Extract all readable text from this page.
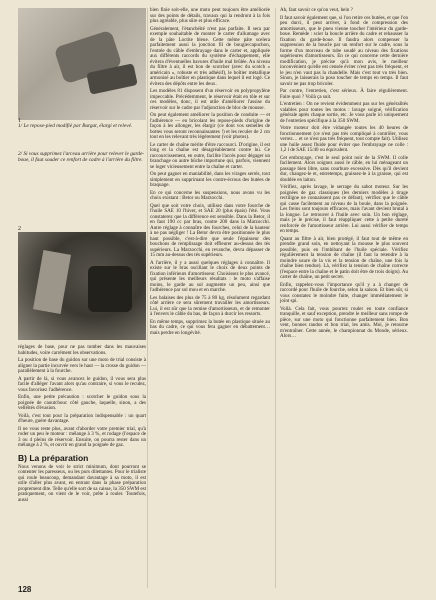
1
1/ Le repose-pied modifié par Burgat, élargi et relevé.
2/ Si vous supprimez l'arceau arrière pour relever le garde-boue, il faut souder ce renfort de cadre à l'arrière du filtre.
2

réglages de base, pour ne pas tomber dans les mauvaises habitudes, voire carrément les observations.

La position de base du guidon sur une moto de trial consiste à aligner la partie incurvée vers le haut — la crosse du guidon — parallèlement à la fourche.

A partir de là, si vous avancez le guidon, il vous sera plus facile d'alléger l'avant alors qu'au contraire, si vous le reculez, vous favorisez l'adhérence.

Enfin, une petite précaution : scotcher le guidon sous la poignée de caoutchouc côté gauche, laquelle, sinon, a des velléités d'évasion.

Voilà, c'est tout pour la préparation indispensable : un quart d'heure, guère davantage.

Il ne vous reste plus, avant d'aborder votre premier trial, qu'à roder un peu le moteur : mélange à 3 %, et rodage (l'espace de 3 ou 4 pleins de réservoir. Ensuite, on pourra rester dans un mélange à 2 %, et ouvrir en grand la poignée de gaz.

B) La préparation

Nous venons de voir le strict minimum, dont pourront se contenter les paresseux, ou les purs dilettantes. Pour le trialiste qui roule beaucoup, demandant davantage à sa moto, il est utile d'aller plus avant, en entrant dans la phase préparation proprement dite. Telle qu'elle sort de sa caisse, la 350 SWM est pratiquement, on vient de le voir, prête à rouler. Toutefois, aussi

bien finie soit-elle, une moto peut toujours être améliorée sur des points de détails, travaux qui la rendront à la fois plus agréable, plus sûre et plus efficace.

Généralement, l'étanchéité n'est pas parfaite. Il sera par exemple souhaitable de monter le carter d'allumage avec de la pâte Loctite bleue. Cette même pâte scelera parfaitement aussi la jonction fil de bougie/capuchon, l'entrée du câble d'embrayage dans le carter et, appliquée aux différents raccords du système d'échappement, elle évitera d'éventuelles bavures d'huile mal brûlée. Au niveau du filtre à air, il est bon de scotcher (avec du scotch « américain », robuste et très adhésif), le boîtier métallique armonisé au boîtier en plastique dans lequel il est logé. Ce évitera des dépôts entre les deux.

Les modèles 81 disposent d'un réservoir en polypropylène impeccable. Précédemment, le réservoir était en tôle et sur ces modèles, donc, il est utile d'améliorer l'assise du réservoir sur le cadre par l'adjonction de bloc de mousse.

On peut également améliorer la position de conduite — et l'adhérence — en bricolant les repose-pieds d'origine de façon à les allonger, les élargir (ce dont vos semelles de bottes vous seront reconnaissantes !) et les reculer de 2 cm tout en les relevant très légèrement (voir photos).

Le carter de chaîne mérite d'être raccourci. D'origine, il est long et la chaîne est désagréablement contre lui. Ce raccourcissement, en outre, facilite l'accès pour dégager un branchage ou autre bûche importune qui, parfois, viennent se loger vicieusement entre la chaîne et carter.

On peut gagner en maniabilité, dans les virages serrés, tout simplement en supprimant les contre-écrous des butées de braquage.

En ce qui concerne les suspensions, nous avons vu les choix existant : Betor ou Marzocchi.

Quel que soit votre choix, utilisez dans votre fourche de l'huile SAE 10 l'hiver, et SAE 20 (plus épais) l'été. Vous constaterez que la différence est sensible. Dans la Betor, il en faut 190 cc par bras, contre 200 dans la Marzocchi. Autre réglage à connaître des fourches, celui de la hauteur à ne pas négliger ! La Betor devra être positionnée le plus haut possible, c'est-à-dire que seule l'épaisseur des bouchons de remplissage doit effleurer au-dessus des tés supérieurs. La Marzocchi, en revanche, devra dépasser de 15 mm au-dessus des tés supérieurs.

A l'arrière, il y a aussi quelques réglages à connaître. Il existe sur le bras oscillant le choix de deux points de fixation inférieurs d'amortisseur. Choisissez le plus avancé, qui présente les meilleurs résultats : le moto s'affaise moins, le garde au sol augmente un peu, ainsi que l'adhérence par sol mou et en marche.

Les balaises des plus de 75 à 80 kg, résolument regardant côté arrière ce sera sûrement travailler les amortisseurs. Lui, il est sûr que la remise d'amortisseurs, et de remonter à l'envers le câble du bas, de façon à durcir les ressorts.

En même temps, supprimez la butée en plastique située au bas du cadre, ce qui vous fera gagner en débattement… mais perdre en longévité.

Ah, faut savoir ce qu'on veut, hein ?

Il faut savoir également que, si l'on retire ces butées, et que l'on peu durci, il peut arriver, à fond de compression des amortisseurs, que le pneu vienne toucher l'intérieur du garde-boue. Remède : scier la boucle arrière du cadre et rehausser la fixation du garde-boue. Il faudra alors compenser la suppression de la boucle par un renfort sur le cadre, sous la forme d'un morceau de tube soudé au niveau des fixations supérieures d'amortisseurs. En ce qui concerne cette dernière modification, je précise qu'à mon avis, le meilleur inconvénient qu'elle est censée éviter n'est pas très fréquent, et le jeu n'en vaut pas la chandelle. Mais c'est tout vu très bien. Sinon, je laisserais la poso toucher de temps en temps. Il faut savoir ne pas trop bricoler.

Par contre, l'entretien, c'est sérieux. À faire régulièrement. Faire quoi ? Voilà ça suit.

L'entretien : On ne revient évidemment pas sur les généralités valables pour toutes les motos : lavage soigné, vérification générale après chaque sortie, etc. Je vous parle ici uniquement de l'entretien spécifique à la 350 SWM.

Votre moteur doit être vidangée toutes les 40 heures de fonctionnement (ce n'est pas très compliqué à contrôler, vous verrez… et ce n'est pas très fréquent, tout compte fait). Utilisez une huile assez fluide pour éviter que l'embrayage ne colle : 1,2 l de SAE 15/40 ou équivalent.

Cet embrayage, c'est le seul point noir de la SWM. Il colle facilement. Alors soignez aussi le câble, en lui ménageant un passage bien libre, sans courbure excessive. Dès qu'il devient dur, changez-le et, entretemps, graissez-le à la graisse, qui est doublée en laiton.

Vérifiez, après lavage, le serrage du sabot moteur. Sur les poignées de gaz classiques (les derniers modèles à tirage rectiligne ne connaissent pas ce défaut), vérifiez que le câble qui casse facilement au niveau de la boule, dans la poignée. Les freins sont toujours efficaces, mais l'avant devient brutal à la longue. Le retrouver à l'huile avec soin. Un bon réglage, mais je le précise, il faut réappliquer cette à petite dureté renforcée de l'amortisseur arrière. Lui aussi vérifier de temps en temps.

Quant au filtre à air, bien protégé, il faut tout de même en prendre grand soin, en nettoyant la mousse le plus souvent possible, puis en l'imbibant de l'huile spéciale. Vérifiez régulièrement la tension de chaîne (il faut la retendre à la moindre usure de la vis et la tension de chaîne, une fois la chaîne bien tendue). Là, vérifiez la tension de chaîne correcte (l'espace entre la chaîne et le patin doit être de trois doigts). Au carter de chaîne, un petit secret.

Enfin, rappelez-vous l'importance qu'il y a à changer de raccordé pour l'huile de fourche, selon la saison. Et bien sûr, si vous constatez le moindre fuite, changer immédiatement le joint spi.

Voilà. Cela fait, vous pourrez rouler en toute confiance tranquille, et sauf exception, prendre le meilleur sans rompe de pièce, sur une moto qui fonctionne parfaitement bien. Bon vent, bonnes randos et bon trial, les amis. Moi, je retourne m'entraîner. Cette année, le championnat du Monde, sérieux. Alors…

128
